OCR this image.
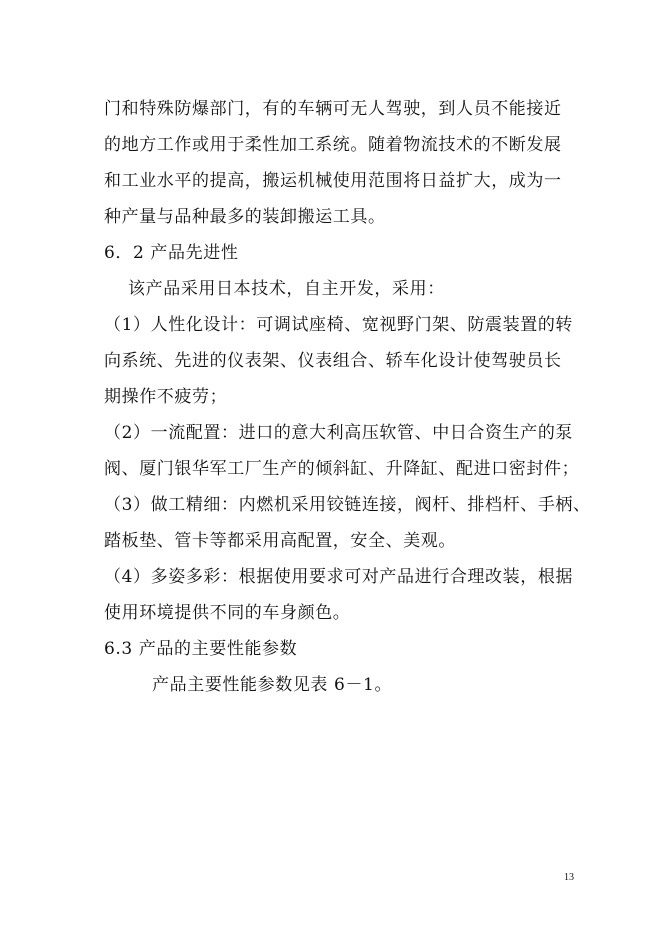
门和特殊防爆部门，有的车辆可无人驾驶，到人员不能接近
的地方工作或用于柔性加工系统。随着物流技术的不断发展
和工业水平的提高，搬运机械使用范围将日益扩大，成为一
种产量与品种最多的装卸搬运工具。
6．2 产品先进性
该产品采用日本技术，自主开发，采用：
（1）人性化设计：可调试座椅、宽视野门架、防震装置的转
向系统、先进的仪表架、仪表组合、轿车化设计使驾驶员长
期操作不疲劳；
（2）一流配置：进口的意大利高压软管、中日合资生产的泵
阀、厦门银华军工厂生产的倾斜缸、升降缸、配进口密封件；
（3）做工精细：内燃机采用铰链连接，阀杆、排档杆、手柄、
踏板垫、管卡等都采用高配置，安全、美观。
（4）多姿多彩：根据使用要求可对产品进行合理改装，根据
使用环境提供不同的车身颜色。
6.3 产品的主要性能参数
产品主要性能参数见表 6－1。
13
